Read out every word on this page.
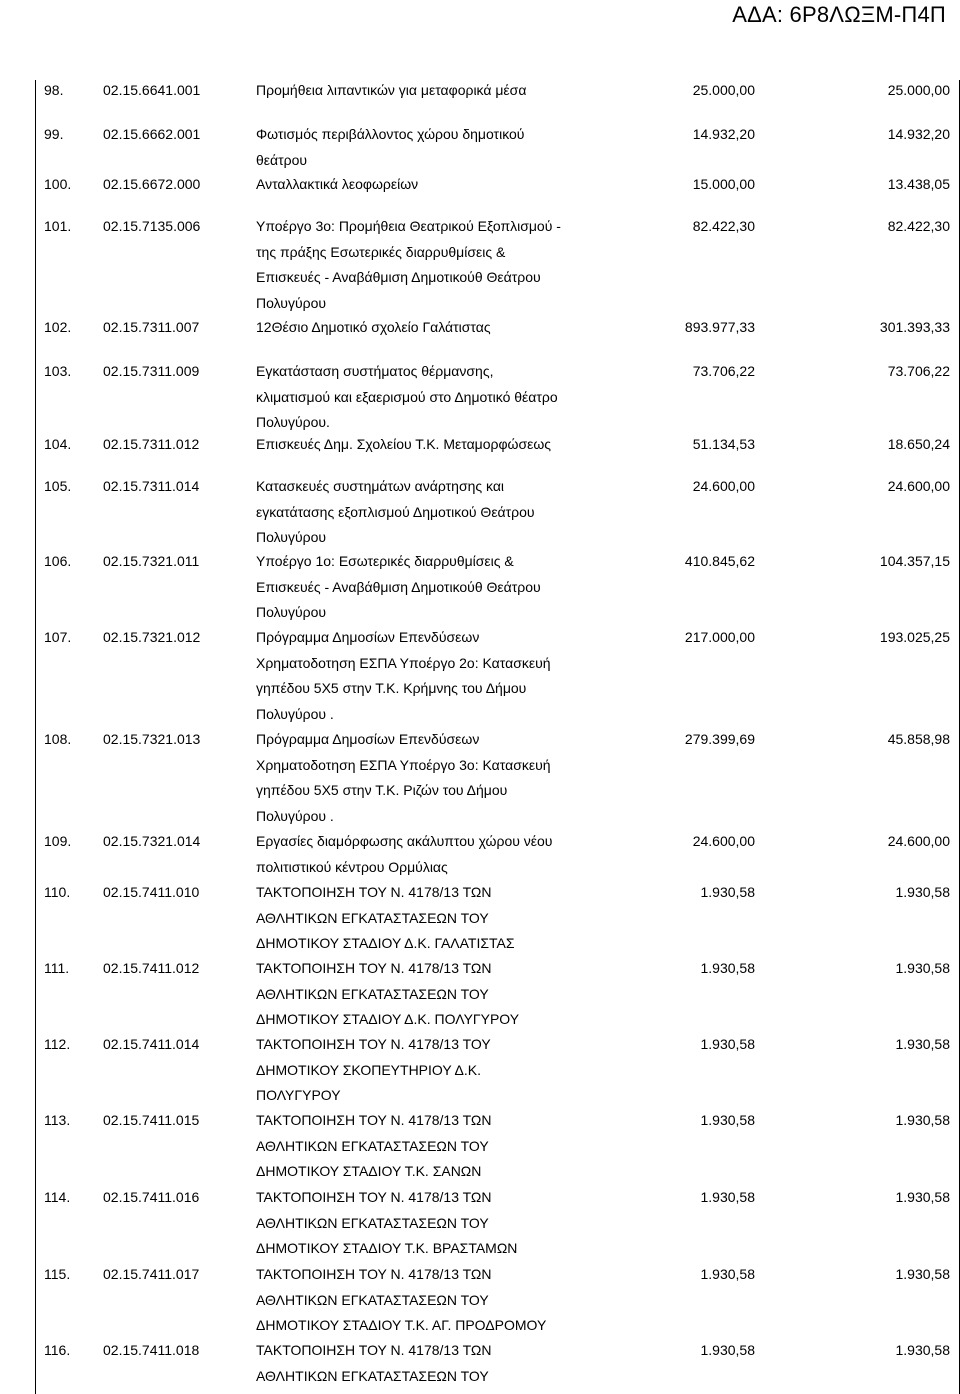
ΑΔΑ: 6Ρ8ΛΩΞΜ-Π4Π
98.	02.15.6641.001	Προμήθεια λιπαντικών για μεταφορικά μέσα	25.000,00	25.000,00
99.	02.15.6662.001	Φωτισμός περιβάλλοντος χώρου δημοτικού
θεάτρου
14.932,20	14.932,20
100. 02.15.6672.000	Ανταλλακτικά λεοφωρείων	15.000,00	13.438,05
101. 02.15.7135.006	Υποέργο 3ο: Προμήθεια Θεατρικού Εξοπλισμού -
της πράξης Εσωτερικές διαρρυθμίσεις &
Επισκευές - Αναβάθμιση Δημοτικούθ Θεάτρου
Πολυγύρου
82.422,30	82.422,30
102. 02.15.7311.007	12Θέσιο Δημοτικό σχολείο Γαλάτιστας	893.977,33	301.393,33
103. 02.15.7311.009	Εγκατάσταση συστήματος θέρμανσης,
κλιματισμού και εξαερισμού στο Δημοτικό θέατρο
Πολυγύρου.
73.706,22	73.706,22
104. 02.15.7311.012	Επισκευές Δημ. Σχολείου Τ.Κ. Μεταμορφώσεως	51.134,53	18.650,24
105. 02.15.7311.014	Κατασκευές συστημάτων ανάρτησης και
εγκατάτασης εξοπλισμού Δημοτικού Θεάτρου
Πολυγύρου
24.600,00	24.600,00
106. 02.15.7321.011	Υποέργο 1ο: Εσωτερικές διαρρυθμίσεις &
Επισκευές - Αναβάθμιση Δημοτικούθ Θεάτρου
Πολυγύρου
410.845,62	104.357,15
107. 02.15.7321.012	Πρόγραμμα Δημοσίων Επενδύσεων
Χρηματοδοτηση ΕΣΠΑ Υποέργο 2ο: Κατασκευή
γηπέδου 5Χ5 στην Τ.Κ. Κρήμνης του Δήμου
Πολυγύρου .
217.000,00	193.025,25
108. 02.15.7321.013	Πρόγραμμα Δημοσίων Επενδύσεων
Χρηματοδοτηση ΕΣΠΑ Υποέργο 3ο: Κατασκευή
γηπέδου 5Χ5 στην Τ.Κ. Ριζών του Δήμου
Πολυγύρου .
279.399,69	45.858,98
109. 02.15.7321.014	Εργασίες διαμόρφωσης ακάλυπτου χώρου νέου
πολιτιστικού κέντρου Ορμύλιας
24.600,00	24.600,00
110. 02.15.7411.010	ΤΑΚΤΟΠΟΙΗΣΗ ΤΟΥ Ν. 4178/13 ΤΩΝ
ΑΘΛΗΤΙΚΩΝ ΕΓΚΑΤΑΣΤΑΣΕΩΝ ΤΟΥ
ΔΗΜΟΤΙΚΟΥ ΣΤΑΔΙΟΥ Δ.Κ. ΓΑΛΑΤΙΣΤΑΣ
1.930,58	1.930,58
111. 02.15.7411.012	ΤΑΚΤΟΠΟΙΗΣΗ ΤΟΥ Ν. 4178/13 ΤΩΝ
ΑΘΛΗΤΙΚΩΝ ΕΓΚΑΤΑΣΤΑΣΕΩΝ ΤΟΥ
ΔΗΜΟΤΙΚΟΥ ΣΤΑΔΙΟΥ Δ.Κ. ΠΟΛΥΓΥΡΟΥ
1.930,58	1.930,58
112. 02.15.7411.014	ΤΑΚΤΟΠΟΙΗΣΗ ΤΟΥ Ν. 4178/13 ΤΟΥ
ΔΗΜΟΤΙΚΟΥ ΣΚΟΠΕΥΤΗΡΙΟΥ Δ.Κ.
ΠΟΛΥΓΥΡΟΥ
1.930,58	1.930,58
113. 02.15.7411.015	ΤΑΚΤΟΠΟΙΗΣΗ ΤΟΥ Ν. 4178/13 ΤΩΝ
ΑΘΛΗΤΙΚΩΝ ΕΓΚΑΤΑΣΤΑΣΕΩΝ ΤΟΥ
ΔΗΜΟΤΙΚΟΥ ΣΤΑΔΙΟΥ Τ.Κ. ΣΑΝΩΝ
1.930,58	1.930,58
114. 02.15.7411.016	ΤΑΚΤΟΠΟΙΗΣΗ ΤΟΥ Ν. 4178/13 ΤΩΝ
ΑΘΛΗΤΙΚΩΝ ΕΓΚΑΤΑΣΤΑΣΕΩΝ ΤΟΥ
ΔΗΜΟΤΙΚΟΥ ΣΤΑΔΙΟΥ Τ.Κ. ΒΡΑΣΤΑΜΩΝ
1.930,58	1.930,58
115. 02.15.7411.017	ΤΑΚΤΟΠΟΙΗΣΗ ΤΟΥ Ν. 4178/13 ΤΩΝ
ΑΘΛΗΤΙΚΩΝ ΕΓΚΑΤΑΣΤΑΣΕΩΝ ΤΟΥ
ΔΗΜΟΤΙΚΟΥ ΣΤΑΔΙΟΥ Τ.Κ. ΑΓ. ΠΡΟΔΡΟΜΟΥ
1.930,58	1.930,58
116. 02.15.7411.018	ΤΑΚΤΟΠΟΙΗΣΗ ΤΟΥ Ν. 4178/13 ΤΩΝ
ΑΘΛΗΤΙΚΩΝ ΕΓΚΑΤΑΣΤΑΣΕΩΝ ΤΟΥ
1.930,58	1.930,58
